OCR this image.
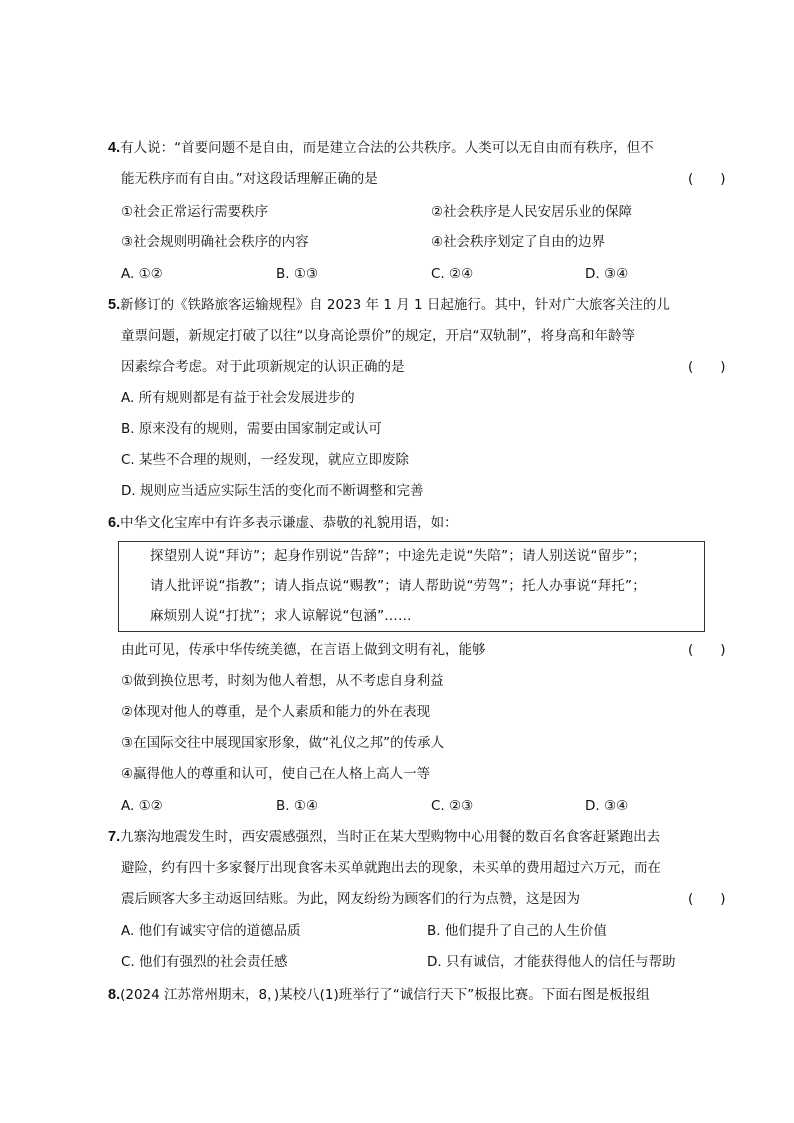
4.有人说：“首要问题不是自由，而是建立合法的公共秩序。人类可以无自由而有秩序，但不
能无秩序而有自由。”对这段话理解正确的是	(　　)
①社会正常运行需要秩序	②社会秩序是人民安居乐业的保障
③社会规则明确社会秩序的内容	④社会秩序划定了自由的边界
A. ①②	B. ①③	C. ②④	D. ③④
5.新修订的《铁路旅客运输规程》自 2023 年 1 月 1 日起施行。其中，针对广大旅客关注的儿
童票问题，新规定打破了以往“以身高论票价”的规定，开启“双轨制”，将身高和年龄等
因素综合考虑。对于此项新规定的认识正确的是	(　　)
A. 所有规则都是有益于社会发展进步的
B. 原来没有的规则，需要由国家制定或认可
C. 某些不合理的规则，一经发现，就应立即废除
D. 规则应当适应实际生活的变化而不断调整和完善
6.中华文化宝库中有许多表示谦虚、恭敬的礼貌用语，如：
探望别人说“拜访”；起身作别说“告辞”；中途先走说“失陪”；请人别送说“留步”；
请人批评说“指教”；请人指点说“赐教”；请人帮助说“劳驾”；托人办事说“拜托”；
麻烦别人说“打扰”；求人谅解说“包涵”……
由此可见，传承中华传统美德，在言语上做到文明有礼，能够	(　　)
①做到换位思考，时刻为他人着想，从不考虑自身利益
②体现对他人的尊重，是个人素质和能力的外在表现
③在国际交往中展现国家形象，做“礼仪之邦”的传承人
④赢得他人的尊重和认可，使自己在人格上高人一等
A. ①②	B. ①④	C. ②③	D. ③④
7.九寨沟地震发生时，西安震感强烈，当时正在某大型购物中心用餐的数百名食客赶紧跑出去
避险，约有四十多家餐厅出现食客未买单就跑出去的现象，未买单的费用超过六万元，而在
震后顾客大多主动返回结账。为此，网友纷纷为顾客们的行为点赞，这是因为	(　　)
A. 他们有诚实守信的道德品质	B. 他们提升了自己的人生价值
C. 他们有强烈的社会责任感	D. 只有诚信，才能获得他人的信任与帮助
8.(2024 江苏常州期末，8，)某校八(1)班举行了“诚信行天下”板报比赛。下面右图是板报组
